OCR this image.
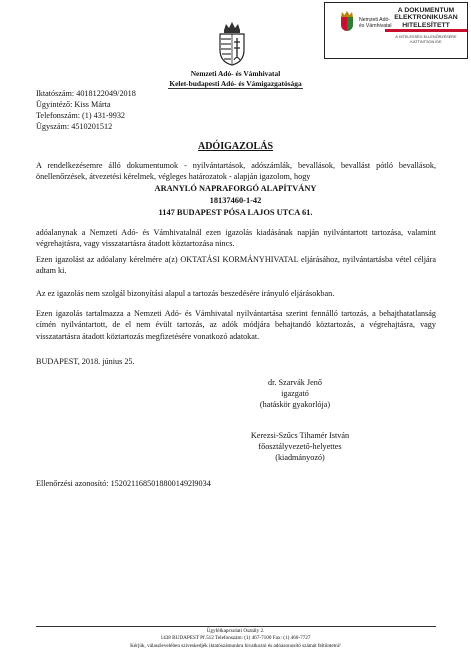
Nemzeti Adó-
és Vámhivatal
A DOKUMENTUM
ELEKTRONIKUSAN
HITELESÍTETT
A HITELESSÉG ELLENŐRZÉSÉRE
KATTINTSON IDE
Nemzeti Adó- és Vámhivatal
Kelet-budapesti Adó- és Vámigazgatósága
Iktatószám: 4018122049/2018
Ügyintéző: Kiss Márta
Telefonszám: (1) 431-9932
Ügyszám: 4510201512
ADÓIGAZOLÁS
A rendelkezésemre álló dokumentumok - nyilvántartások, adószámlák, bevallások, bevallást pótló bevallások, önellenőrzések, átvezetési kérelmek, végleges határozatok - alapján igazolom, hogy
ARANYLÓ NAPRAFORGÓ ALAPÍTVÁNY
18137460-1-42
1147 BUDAPEST PÓSA LAJOS UTCA 61.
adóalanynak a Nemzeti Adó- és Vámhivatalnál ezen igazolás kiadásának napján nyilvántartott tartozása, valamint végrehajtásra, vagy visszatartásra átadott köztartozása nincs.
Ezen igazolást az adóalany kérelmére a(z) OKTATÁSI KORMÁNYHIVATAL eljárásához, nyilvántartásba vétel céljára adtam ki.
Az ez igazolás nem szolgál bizonyítási alapul a tartozás beszedésére irányuló eljárásokban.
Ezen igazolás tartalmazza a Nemzeti Adó- és Vámhivatal nyilvántartása szerint fennálló tartozás, a behajthatatlanság címén nyilvántartott, de el nem évült tartozás, az adók módjára behajtandó köztartozás, a végrehajtásra, vagy visszatartásra átadott köztartozás megfizetésére vonatkozó adatokat.
BUDAPEST, 2018. június 25.
dr. Szarvák Jenő
igazgató
(hatáskör gyakorlója)
Kerezsi-Szűcs Tihamér István
főosztályvezető-helyettes
(kiadmányozó)
Ellenőrzési azonosító: 15202116850188001492l9034
Ügyfélkapcsolati Osztály 2.
1438 BUDAPEST Pf.512 Telefonszám: (1) 467-7100 Fax: (1) 460-7727
Kérjük, válaszlevelében szíveskedjék iktatószámunkra hivatkozni és adóazonosító számát feltüntetni!
